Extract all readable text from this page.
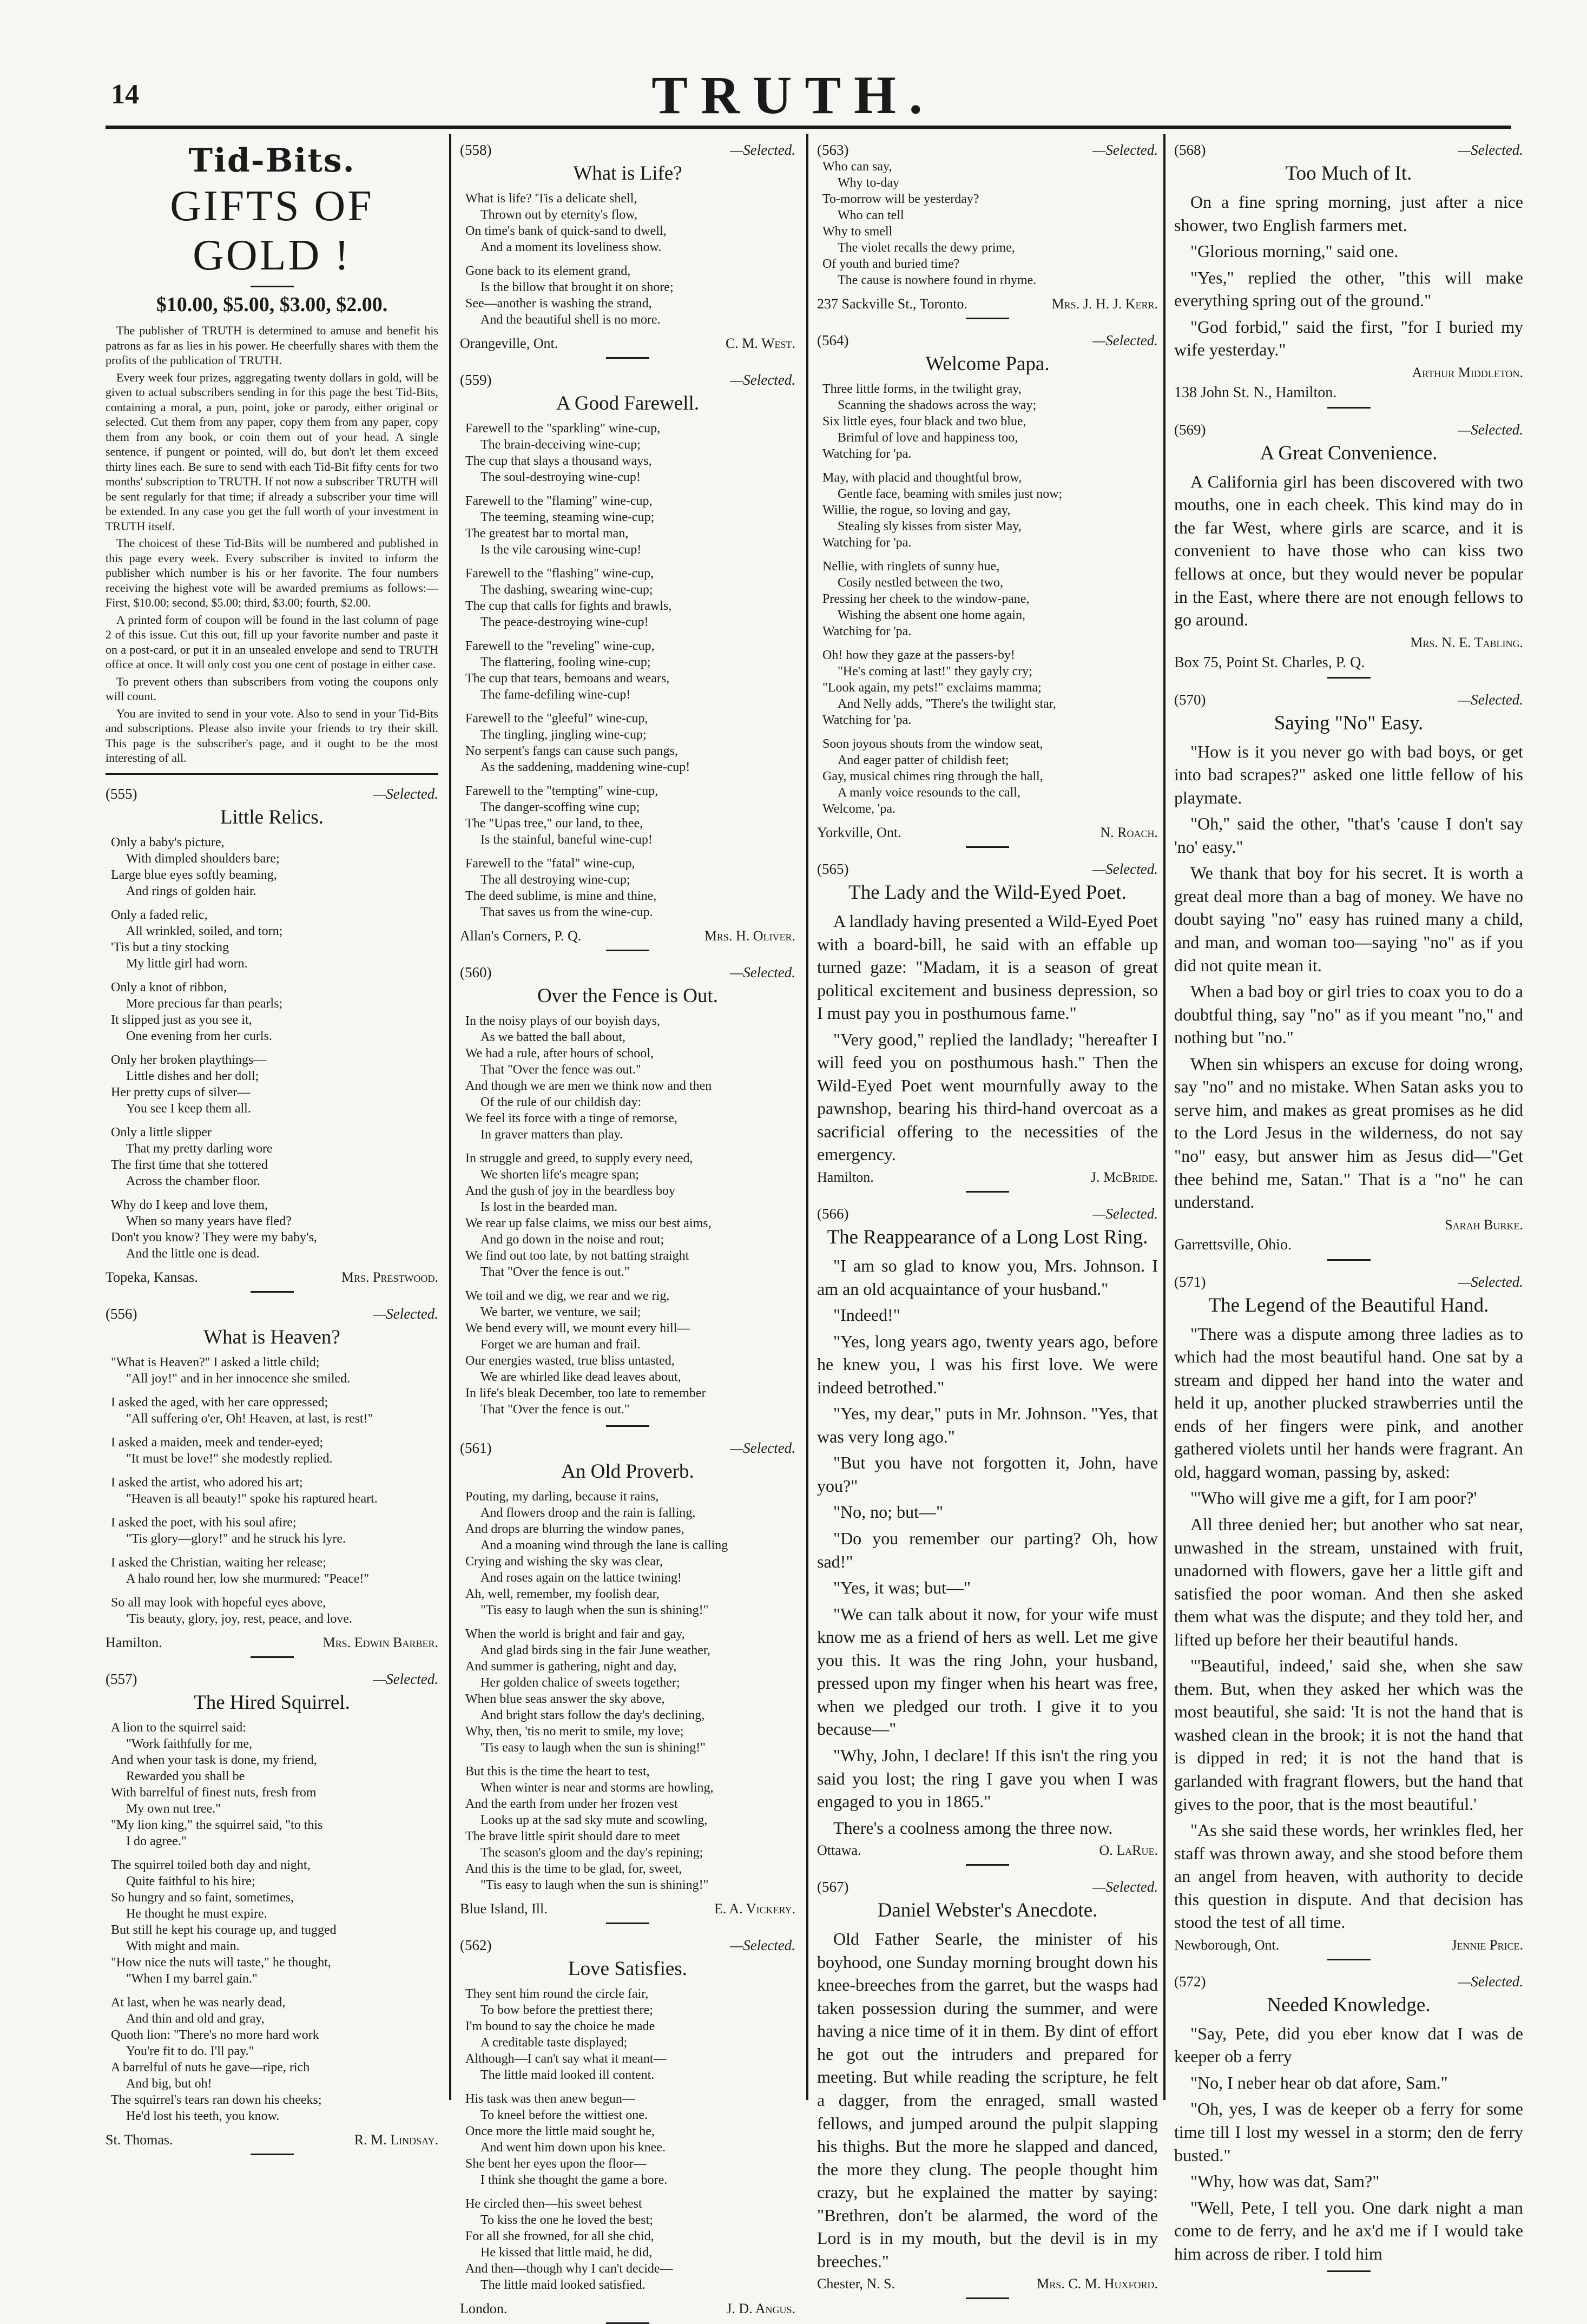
14	TRUTH.
Tid-Bits.
GIFTS OF GOLD !
$10.00, $5.00, $3.00, $2.00.

The publisher of TRUTH is determined to amuse and benefit his patrons as far as lies in his power. He cheerfully shares with them the profits of the publication of TRUTH.

Every week four prizes, aggregating twenty dollars in gold, will be given to actual subscribers sending in for this page the best Tid-Bits, containing a moral, a pun, point, joke or parody, either original or selected. Cut them from any paper, copy them from any paper, copy them from any book, or coin them out of your head. A single sentence, if pungent or pointed, will do, but don't let them exceed thirty lines each. Be sure to send with each Tid-Bit fifty cents for two months' subscription to TRUTH. If not now a subscriber TRUTH will be sent regularly for that time; if already a subscriber your time will be extended. In any case you get the full worth of your investment in TRUTH itself.

The choicest of these Tid-Bits will be numbered and published in this page every week. Every subscriber is invited to inform the publisher which number is his or her favorite. The four numbers receiving the highest vote will be awarded premiums as follows:—First, $10.00; second, $5.00; third, $3.00; fourth, $2.00.

A printed form of coupon will be found in the last column of page 2 of this issue. Cut this out, fill up your favorite number and paste it on a post-card, or put it in an unsealed envelope and send to TRUTH office at once. It will only cost you one cent of postage in either case.

To prevent others than subscribers from voting the coupons only will count.

You are invited to send in your vote. Also to send in your Tid-Bits and subscriptions. Please also invite your friends to try their skill. This page is the subscriber's page, and it ought to be the most interesting of all.

(555)	—Selected.
Little Relics.
Only a baby's picture,
With dimpled shoulders bare;
Large blue eyes softly beaming,
And rings of golden hair.
Only a faded relic,
All wrinkled, soiled, and torn;
'Tis but a tiny stocking
My little girl had worn.
Only a knot of ribbon,
More precious far than pearls;
It slipped just as you see it,
One evening from her curls.
Only her broken playthings—
Little dishes and her doll;
Her pretty cups of silver—
You see I keep them all.
Only a little slipper
That my pretty darling wore
The first time that she tottered
Across the chamber floor.
Why do I keep and love them,
When so many years have fled?
Don't you know? They were my baby's,
And the little one is dead.
Topeka, Kansas.	Mrs. Prestwood.
(556)	—Selected.
What is Heaven?
"What is Heaven?" I asked a little child;
"All joy!" and in her innocence she smiled.
I asked the aged, with her care oppressed;
"All suffering o'er, Oh! Heaven, at last, is rest!"
I asked a maiden, meek and tender-eyed;
"It must be love!" she modestly replied.
I asked the artist, who adored his art;
"Heaven is all beauty!" spoke his raptured heart.
I asked the poet, with his soul afire;
"Tis glory—glory!" and he struck his lyre.
I asked the Christian, waiting her release;
A halo round her, low she murmured: "Peace!"
So all may look with hopeful eyes above,
'Tis beauty, glory, joy, rest, peace, and love.
Hamilton.	Mrs. Edwin Barber.
(557)	—Selected.
The Hired Squirrel.
A lion to the squirrel said:
"Work faithfully for me,
And when your task is done, my friend,
Rewarded you shall be
With barrelful of finest nuts, fresh from
My own nut tree."
"My lion king," the squirrel said, "to this
I do agree."
The squirrel toiled both day and night,
Quite faithful to his hire;
So hungry and so faint, sometimes,
He thought he must expire.
But still he kept his courage up, and tugged
With might and main.
"How nice the nuts will taste," he thought,
"When I my barrel gain."
At last, when he was nearly dead,
And thin and old and gray,
Quoth lion: "There's no more hard work
You're fit to do. I'll pay."
A barrelful of nuts he gave—ripe, rich
And big, but oh!
The squirrel's tears ran down his cheeks;
He'd lost his teeth, you know.
St. Thomas.	R. M. Lindsay.
(558)	—Selected.
What is Life?
What is life? 'Tis a delicate shell,
Thrown out by eternity's flow,
On time's bank of quick-sand to dwell,
And a moment its loveliness show.
Gone back to its element grand,
Is the billow that brought it on shore;
See—another is washing the strand,
And the beautiful shell is no more.
Orangeville, Ont.	C. M. West.
(559)	—Selected.
A Good Farewell.
Farewell to the "sparkling" wine-cup,
The brain-deceiving wine-cup;
The cup that slays a thousand ways,
The soul-destroying wine-cup!
Farewell to the "flaming" wine-cup,
The teeming, steaming wine-cup;
The greatest bar to mortal man,
Is the vile carousing wine-cup!
Farewell to the "flashing" wine-cup,
The dashing, swearing wine-cup;
The cup that calls for fights and brawls,
The peace-destroying wine-cup!
Farewell to the "reveling" wine-cup,
The flattering, fooling wine-cup;
The cup that tears, bemoans and wears,
The fame-defiling wine-cup!
Farewell to the "gleeful" wine-cup,
The tingling, jingling wine-cup;
No serpent's fangs can cause such pangs,
As the saddening, maddening wine-cup!
Farewell to the "tempting" wine-cup,
The danger-scoffing wine cup;
The "Upas tree," our land, to thee,
Is the stainful, baneful wine-cup!
Farewell to the "fatal" wine-cup,
The all destroying wine-cup;
The deed sublime, is mine and thine,
That saves us from the wine-cup.
Allan's Corners, P. Q.	Mrs. H. Oliver.
(560)	—Selected.
Over the Fence is Out.
In the noisy plays of our boyish days,
As we batted the ball about,
We had a rule, after hours of school,
That "Over the fence was out."
And though we are men we think now and then
Of the rule of our childish day:
We feel its force with a tinge of remorse,
In graver matters than play.
In struggle and greed, to supply every need,
We shorten life's meagre span;
And the gush of joy in the beardless boy
Is lost in the bearded man.
We rear up false claims, we miss our best aims,
And go down in the noise and rout;
We find out too late, by not batting straight
That "Over the fence is out."
We toil and we dig, we rear and we rig,
We barter, we venture, we sail;
We bend every will, we mount every hill—
Forget we are human and frail.
Our energies wasted, true bliss untasted,
We are whirled like dead leaves about,
In life's bleak December, too late to remember
That "Over the fence is out."
(561)	—Selected.
An Old Proverb.
Pouting, my darling, because it rains,
And flowers droop and the rain is falling,
And drops are blurring the window panes,
And a moaning wind through the lane is calling
Crying and wishing the sky was clear,
And roses again on the lattice twining!
Ah, well, remember, my foolish dear,
"Tis easy to laugh when the sun is shining!"
When the world is bright and fair and gay,
And glad birds sing in the fair June weather,
And summer is gathering, night and day,
Her golden chalice of sweets together;
When blue seas answer the sky above,
And bright stars follow the day's declining,
Why, then, 'tis no merit to smile, my love;
'Tis easy to laugh when the sun is shining!"
But this is the time the heart to test,
When winter is near and storms are howling,
And the earth from under her frozen vest
Looks up at the sad sky mute and scowling,
The brave little spirit should dare to meet
The season's gloom and the day's repining;
And this is the time to be glad, for, sweet,
"Tis easy to laugh when the sun is shining!"
Blue Island, Ill.	E. A. Vickery.
(562)	—Selected.
Love Satisfies.
They sent him round the circle fair,
To bow before the prettiest there;
I'm bound to say the choice he made
A creditable taste displayed;
Although—I can't say what it meant—
The little maid looked ill content.
His task was then anew begun—
To kneel before the wittiest one.
Once more the little maid sought he,
And went him down upon his knee.
She bent her eyes upon the floor—
I think she thought the game a bore.
He circled then—his sweet behest
To kiss the one he loved the best;
For all she frowned, for all she chid,
He kissed that little maid, he did,
And then—though why I can't decide—
The little maid looked satisfied.
London.	J. D. Angus.
(563)	—Selected.
Who can say,
Why to-day
To-morrow will be yesterday?
Who can tell
Why to smell
The violet recalls the dewy prime,
Of youth and buried time?
The cause is nowhere found in rhyme.
237 Sackville St., Toronto.	Mrs. J. H. J. Kerr.
(564)	—Selected.
Welcome Papa.
Three little forms, in the twilight gray,
Scanning the shadows across the way;
Six little eyes, four black and two blue,
Brimful of love and happiness too,
Watching for 'pa.
May, with placid and thoughtful brow,
Gentle face, beaming with smiles just now;
Willie, the rogue, so loving and gay,
Stealing sly kisses from sister May,
Watching for 'pa.
Nellie, with ringlets of sunny hue,
Cosily nestled between the two,
Pressing her cheek to the window-pane,
Wishing the absent one home again,
Watching for 'pa.
Oh! how they gaze at the passers-by!
"He's coming at last!" they gayly cry;
"Look again, my pets!" exclaims mamma;
And Nelly adds, "There's the twilight star,
Watching for 'pa.
Soon joyous shouts from the window seat,
And eager patter of childish feet;
Gay, musical chimes ring through the hall,
A manly voice resounds to the call,
Welcome, 'pa.
Yorkville, Ont.	N. Roach.
(565)	—Selected.
The Lady and the Wild-Eyed Poet.

A landlady having presented a Wild-Eyed Poet with a board-bill, he said with an effable up turned gaze: "Madam, it is a season of great political excitement and business depression, so I must pay you in posthumous fame."

"Very good," replied the landlady; "hereafter I will feed you on posthumous hash." Then the Wild-Eyed Poet went mournfully away to the pawnshop, bearing his third-hand overcoat as a sacrificial offering to the necessities of the emergency.

Hamilton.	J. McBride.
(566)	—Selected.
The Reappearance of a Long Lost Ring.

"I am so glad to know you, Mrs. Johnson. I am an old acquaintance of your husband."

"Indeed!"

"Yes, long years ago, twenty years ago, before he knew you, I was his first love. We were indeed betrothed."

"Yes, my dear," puts in Mr. Johnson. "Yes, that was very long ago."

"But you have not forgotten it, John, have you?"

"No, no; but—"

"Do you remember our parting? Oh, how sad!"

"Yes, it was; but—"

"We can talk about it now, for your wife must know me as a friend of hers as well. Let me give you this. It was the ring John, your husband, pressed upon my finger when his heart was free, when we pledged our troth. I give it to you because—"

"Why, John, I declare! If this isn't the ring you said you lost; the ring I gave you when I was engaged to you in 1865."

There's a coolness among the three now.

Ottawa.	O. LaRue.
(567)	—Selected.
Daniel Webster's Anecdote.

Old Father Searle, the minister of his boyhood, one Sunday morning brought down his knee-breeches from the garret, but the wasps had taken possession during the summer, and were having a nice time of it in them. By dint of effort he got out the intruders and prepared for meeting. But while reading the scripture, he felt a dagger, from the enraged, small wasted fellows, and jumped around the pulpit slapping his thighs. But the more he slapped and danced, the more they clung. The people thought him crazy, but he explained the matter by saying: "Brethren, don't be alarmed, the word of the Lord is in my mouth, but the devil is in my breeches."

Chester, N. S.	Mrs. C. M. Huxford.
(568)	—Selected.
Too Much of It.

On a fine spring morning, just after a nice shower, two English farmers met.

"Glorious morning," said one.

"Yes," replied the other, "this will make everything spring out of the ground."

"God forbid," said the first, "for I buried my wife yesterday."

Arthur Middleton.
138 John St. N., Hamilton.
(569)	—Selected.
A Great Convenience.

A California girl has been discovered with two mouths, one in each cheek. This kind may do in the far West, where girls are scarce, and it is convenient to have those who can kiss two fellows at once, but they would never be popular in the East, where there are not enough fellows to go around.

Mrs. N. E. Tabling.
Box 75, Point St. Charles, P. Q.
(570)	—Selected.
Saying "No" Easy.

"How is it you never go with bad boys, or get into bad scrapes?" asked one little fellow of his playmate.

"Oh," said the other, "that's 'cause I don't say 'no' easy."

We thank that boy for his secret. It is worth a great deal more than a bag of money. We have no doubt saying "no" easy has ruined many a child, and man, and woman too—saying "no" as if you did not quite mean it.

When a bad boy or girl tries to coax you to do a doubtful thing, say "no" as if you meant "no," and nothing but "no."

When sin whispers an excuse for doing wrong, say "no" and no mistake. When Satan asks you to serve him, and makes as great promises as he did to the Lord Jesus in the wilderness, do not say "no" easy, but answer him as Jesus did—"Get thee behind me, Satan." That is a "no" he can understand.

Sarah Burke.
Garrettsville, Ohio.
(571)	—Selected.
The Legend of the Beautiful Hand.

"There was a dispute among three ladies as to which had the most beautiful hand. One sat by a stream and dipped her hand into the water and held it up, another plucked strawberries until the ends of her fingers were pink, and another gathered violets until her hands were fragrant. An old, haggard woman, passing by, asked:

"'Who will give me a gift, for I am poor?'

All three denied her; but another who sat near, unwashed in the stream, unstained with fruit, unadorned with flowers, gave her a little gift and satisfied the poor woman. And then she asked them what was the dispute; and they told her, and lifted up before her their beautiful hands.

"'Beautiful, indeed,' said she, when she saw them. But, when they asked her which was the most beautiful, she said: 'It is not the hand that is washed clean in the brook; it is not the hand that is dipped in red; it is not the hand that is garlanded with fragrant flowers, but the hand that gives to the poor, that is the most beautiful.'

"As she said these words, her wrinkles fled, her staff was thrown away, and she stood before them an angel from heaven, with authority to decide this question in dispute. And that decision has stood the test of all time.

Newborough, Ont.	Jennie Price.
(572)	—Selected.
Needed Knowledge.

"Say, Pete, did you eber know dat I was de keeper ob a ferry

"No, I neber hear ob dat afore, Sam."

"Oh, yes, I was de keeper ob a ferry for some time till I lost my wessel in a storm; den de ferry busted."

"Why, how was dat, Sam?"

"Well, Pete, I tell you. One dark night a man come to de ferry, and he ax'd me if I would take him across de riber. I told him
